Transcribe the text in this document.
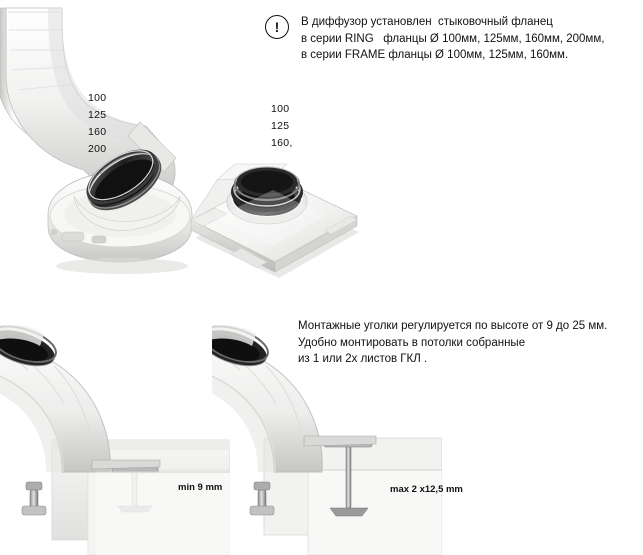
100
125
160
200
100
125
160,
!	В диффузор установлен  стыковочный фланец
в серии RING   фланцы Ø 100мм, 125мм, 160мм, 200мм,
в серии FRAME фланцы Ø 100мм, 125мм, 160мм.
Монтажные уголки регулируется по высоте от 9 до 25 мм.
Удобно монтировать в потолки собранные
из 1 или 2х листов ГКЛ .
min 9 mm	max 2 x12,5 mm
